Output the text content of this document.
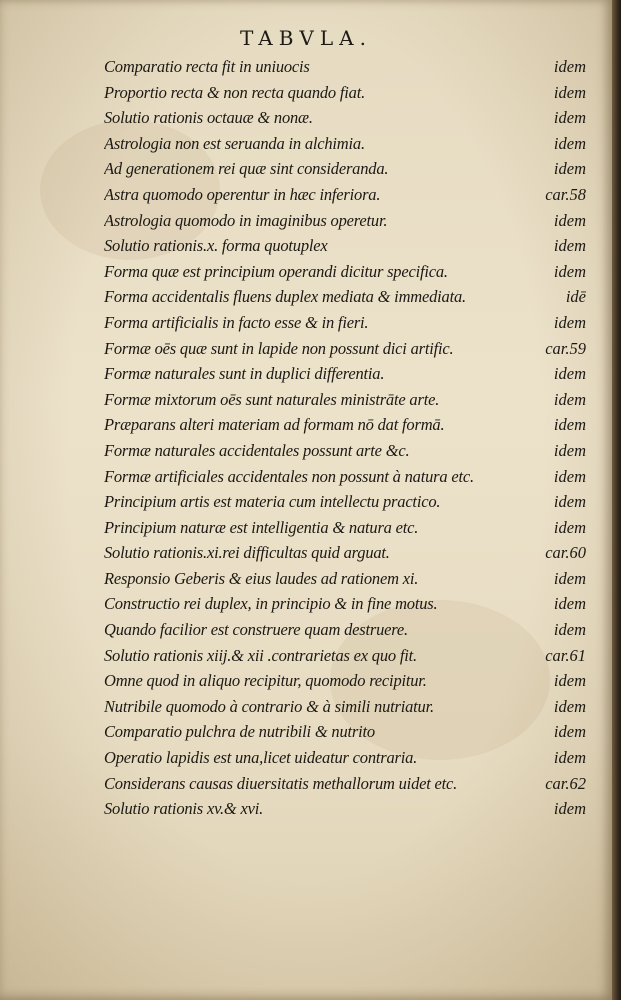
TABVLA.
Comparatio recta fit in uniuocis	idem
Proportio recta & non recta quando fiat.	idem
Solutio rationis octauæ & nonæ.	idem
Astrologia non est seruanda in alchimia.	idem
Ad generationem rei quæ sint consideranda.	idem
Astra quomodo operentur in hæc inferiora.	car.58
Astrologia quomodo in imaginibus operetur.	idem
Solutio rationis.x. forma quotuplex	idem
Forma quæ est principium operandi dicitur specifica.	idem
Forma accidentalis fluens duplex mediata & immediata.	idē
Forma artificialis in facto esse & in fieri.	idem
Formæ oēs quæ sunt in lapide non possunt dici artific.	car.59
Formæ naturales sunt in duplici differentia.	idem
Formæ mixtorum oēs sunt naturales ministrāte arte.	idem
Præparans alteri materiam ad formam nō dat formā.	idem
Formæ naturales accidentales possunt arte &c.	idem
Formæ artificiales accidentales non possunt à natura etc.	idem
Principium artis est materia cum intellectu practico.	idem
Principium naturæ est intelligentia & natura etc.	idem
Solutio rationis.xi.rei difficultas quid arguat.	car.60
Responsio Geberis & eius laudes ad rationem xi.	idem
Constructio rei duplex, in principio & in fine motus.	idem
Quando facilior est construere quam destruere.	idem
Solutio rationis xiij.& xii .contrarietas ex quo fit.	car.61
Omne quod in aliquo recipitur, quomodo recipitur.	idem
Nutribile quomodo à contrario & à simili nutriatur.	idem
Comparatio pulchra de nutribili & nutrito	idem
Operatio lapidis est una,licet uideatur contraria.	idem
Considerans causas diuersitatis methallorum uidet etc.	car.62
Solutio rationis xv.& xvi.	idem
